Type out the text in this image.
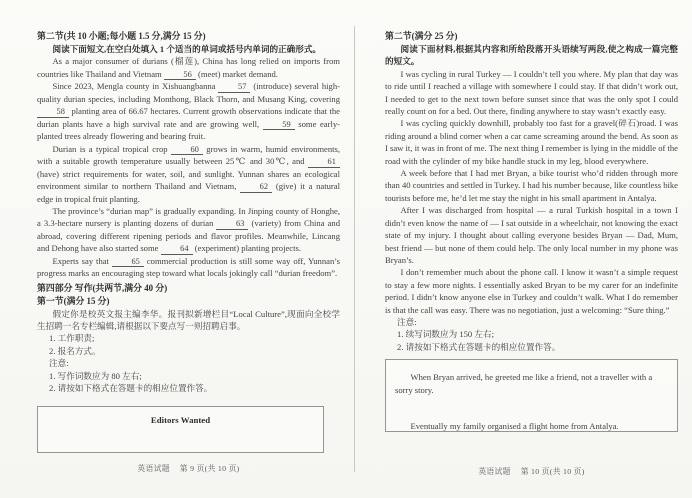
第二节(共 10 小题;每小题 1.5 分,满分 15 分)

阅读下面短文,在空白处填入 1 个适当的单词或括号内单词的正确形式。

As a major consumer of durians (榴莲), China has long relied on imports from countries like Thailand and Vietnam 56 (meet) market demand.

Since 2023, Mengla county in Xishuangbanna 57 (introduce) several high-quality durian species, including Monthong, Black Thorn, and Musang King, covering 58 planting area of 66.67 hectares. Current growth observations indicate that the durian plants have a high survival rate and are growing well, 59 some early-planted trees already flowering and bearing fruit.

Durian is a typical tropical crop 60 grows in warm, humid environments, with a suitable growth temperature usually between 25℃ and 30℃, and 61 (have) strict requirements for water, soil, and sunlight. Yunnan shares an ecological environment similar to northern Thailand and Vietnam, 62 (give) it a natural edge in tropical fruit planting.

The province’s “durian map” is gradually expanding. In Jinping county of Honghe, a 3.3-hectare nursery is planting dozens of durian 63 (variety) from China and abroad, covering different ripening periods and flavor profiles. Meanwhile, Lincang and Dehong have also started some 64 (experiment) planting projects.

Experts say that 65 commercial production is still some way off, Yunnan’s progress marks an encouraging step toward what locals jokingly call “durian freedom”.

第四部分 写作(共两节,满分 40 分)
第一节(满分 15 分)

假定你是校英文报主编李华。报刊拟新增栏目“Local Culture”,现面向全校学生招聘一名专栏编辑,请根据以下要点写一则招聘启事。

1. 工作职责;

2. 报名方式。

注意:

1. 写作词数应为 80 左右;

2. 请按如下格式在答题卡的相应位置作答。

Editors Wanted
英语试题 第 9 页(共 10 页)
第二节(满分 25 分)

阅读下面材料,根据其内容和所给段落开头语续写两段,使之构成一篇完整的短文。

I was cycling in rural Turkey — I couldn’t tell you where. My plan that day was to ride until I reached a village with somewhere I could stay. If that didn’t work out, I needed to get to the next town before sunset since that was the only spot I could really count on for a bed. Out there, finding anywhere to stay wasn’t exactly easy.

I was cycling quickly downhill, probably too fast for a gravel(碎石)road. I was riding around a blind corner when a car came screaming around the bend. As soon as I saw it, it was in front of me. The next thing I remember is lying in the middle of the road with the cylinder of my bike handle stuck in my leg, blood everywhere.

A week before that I had met Bryan, a bike tourist who’d ridden through more than 40 countries and settled in Turkey. I had his number because, like countless bike tourists before me, he’d let me stay the night in his small apartment in Antalya.

After I was discharged from hospital — a rural Turkish hospital in a town I didn’t even know the name of — I sat outside in a wheelchair, not knowing the exact state of my injury. I thought about calling everyone besides Bryan — Dad, Mum, best friend — but none of them could help. The only local number in my phone was Bryan’s.

I don’t remember much about the phone call. I know it wasn’t a simple request to stay a few more nights. I essentially asked Bryan to be my carer for an indefinite period. I didn’t know anyone else in Turkey and couldn’t walk. What I do remember is that the call was easy. There was no negotiation, just a welcoming: “Sure thing.”

注意:

1. 续写词数应为 150 左右;

2. 请按如下格式在答题卡的相应位置作答。

When Bryan arrived, he greeted me like a friend, not a traveller with a sorry story.

Eventually my family organised a flight home from Antalya.

英语试题 第 10 页(共 10 页)
